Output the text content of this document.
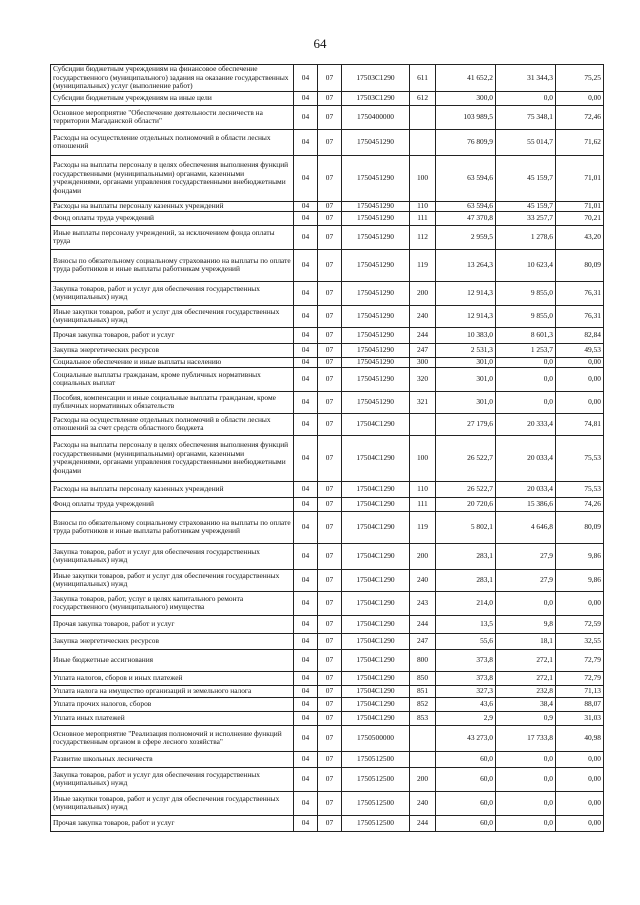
64
Субсидии бюджетным учреждениям на финансовое обеспечение государственного (муниципального) задания на оказание государственных (муниципальных) услуг (выполнение работ)	04	07	17503С1290	611	41 652,2	31 344,3	75,25
Субсидии бюджетным учреждениям на иные цели	04	07	17503С1290	612	300,0	0,0	0,00
Основное мероприятие "Обеспечение деятельности лесничеств на территории Магаданской области"	04	07	1750400000		103 989,5	75 348,1	72,46
Расходы на осуществление отдельных полномочий в области лесных отношений	04	07	1750451290		76 809,9	55 014,7	71,62
Расходы на выплаты персоналу в целях обеспечения выполнения функций государственными (муниципальными) органами, казенными учреждениями, органами управления государственными внебюджетными фондами	04	07	1750451290	100	63 594,6	45 159,7	71,01
Расходы на выплаты персоналу казенных учреждений	04	07	1750451290	110	63 594,6	45 159,7	71,01
Фонд оплаты труда учреждений	04	07	1750451290	111	47 370,8	33 257,7	70,21
Иные выплаты персоналу учреждений, за исключением фонда оплаты труда	04	07	1750451290	112	2 959,5	1 278,6	43,20
Взносы по обязательному социальному страхованию на выплаты по оплате труда работников и иные выплаты работникам учреждений	04	07	1750451290	119	13 264,3	10 623,4	80,09
Закупка товаров, работ и услуг для обеспечения государственных (муниципальных) нужд	04	07	1750451290	200	12 914,3	9 855,0	76,31
Иные закупки товаров, работ и услуг для обеспечения государственных (муниципальных) нужд	04	07	1750451290	240	12 914,3	9 855,0	76,31
Прочая закупка товаров, работ и услуг	04	07	1750451290	244	10 383,0	8 601,3	82,84
Закупка энергетических ресурсов	04	07	1750451290	247	2 531,3	1 253,7	49,53
Социальное обеспечение и иные выплаты населению	04	07	1750451290	300	301,0	0,0	0,00
Социальные выплаты гражданам, кроме публичных нормативных социальных выплат	04	07	1750451290	320	301,0	0,0	0,00
Пособия, компенсации и иные социальные выплаты гражданам, кроме публичных нормативных обязательств	04	07	1750451290	321	301,0	0,0	0,00
Расходы на осуществление отдельных полномочий в области лесных отношений за счет средств областного бюджета	04	07	17504С1290		27 179,6	20 333,4	74,81
Расходы на выплаты персоналу в целях обеспечения выполнения функций государственными (муниципальными) органами, казенными учреждениями, органами управления государственными внебюджетными фондами	04	07	17504С1290	100	26 522,7	20 033,4	75,53
Расходы на выплаты персоналу казенных учреждений	04	07	17504С1290	110	26 522,7	20 033,4	75,53
Фонд оплаты труда учреждений	04	07	17504С1290	111	20 720,6	15 386,6	74,26
Взносы по обязательному социальному страхованию на выплаты по оплате труда работников и иные выплаты работникам учреждений	04	07	17504С1290	119	5 802,1	4 646,8	80,09
Закупка товаров, работ и услуг для обеспечения государственных (муниципальных) нужд	04	07	17504С1290	200	283,1	27,9	9,86
Иные закупки товаров, работ и услуг для обеспечения государственных (муниципальных) нужд	04	07	17504С1290	240	283,1	27,9	9,86
Закупка товаров, работ, услуг в целях капитального ремонта государственного (муниципального) имущества	04	07	17504С1290	243	214,0	0,0	0,00
Прочая закупка товаров, работ и услуг	04	07	17504С1290	244	13,5	9,8	72,59
Закупка энергетических ресурсов	04	07	17504С1290	247	55,6	18,1	32,55
Иные бюджетные ассигнования	04	07	17504С1290	800	373,8	272,1	72,79
Уплата налогов, сборов и иных платежей	04	07	17504С1290	850	373,8	272,1	72,79
Уплата налога на имущество организаций и земельного налога	04	07	17504С1290	851	327,3	232,8	71,13
Уплата прочих налогов, сборов	04	07	17504С1290	852	43,6	38,4	88,07
Уплата иных платежей	04	07	17504С1290	853	2,9	0,9	31,03
Основное мероприятие "Реализация полномочий и исполнение функций государственным органом в сфере лесного хозяйства"	04	07	1750500000		43 273,0	17 733,8	40,98
Развитие школьных лесничеств	04	07	1750512500		60,0	0,0	0,00
Закупка товаров, работ и услуг для обеспечения государственных (муниципальных) нужд	04	07	1750512500	200	60,0	0,0	0,00
Иные закупки товаров, работ и услуг для обеспечения государственных (муниципальных) нужд	04	07	1750512500	240	60,0	0,0	0,00
Прочая закупка товаров, работ и услуг	04	07	1750512500	244	60,0	0,0	0,00
